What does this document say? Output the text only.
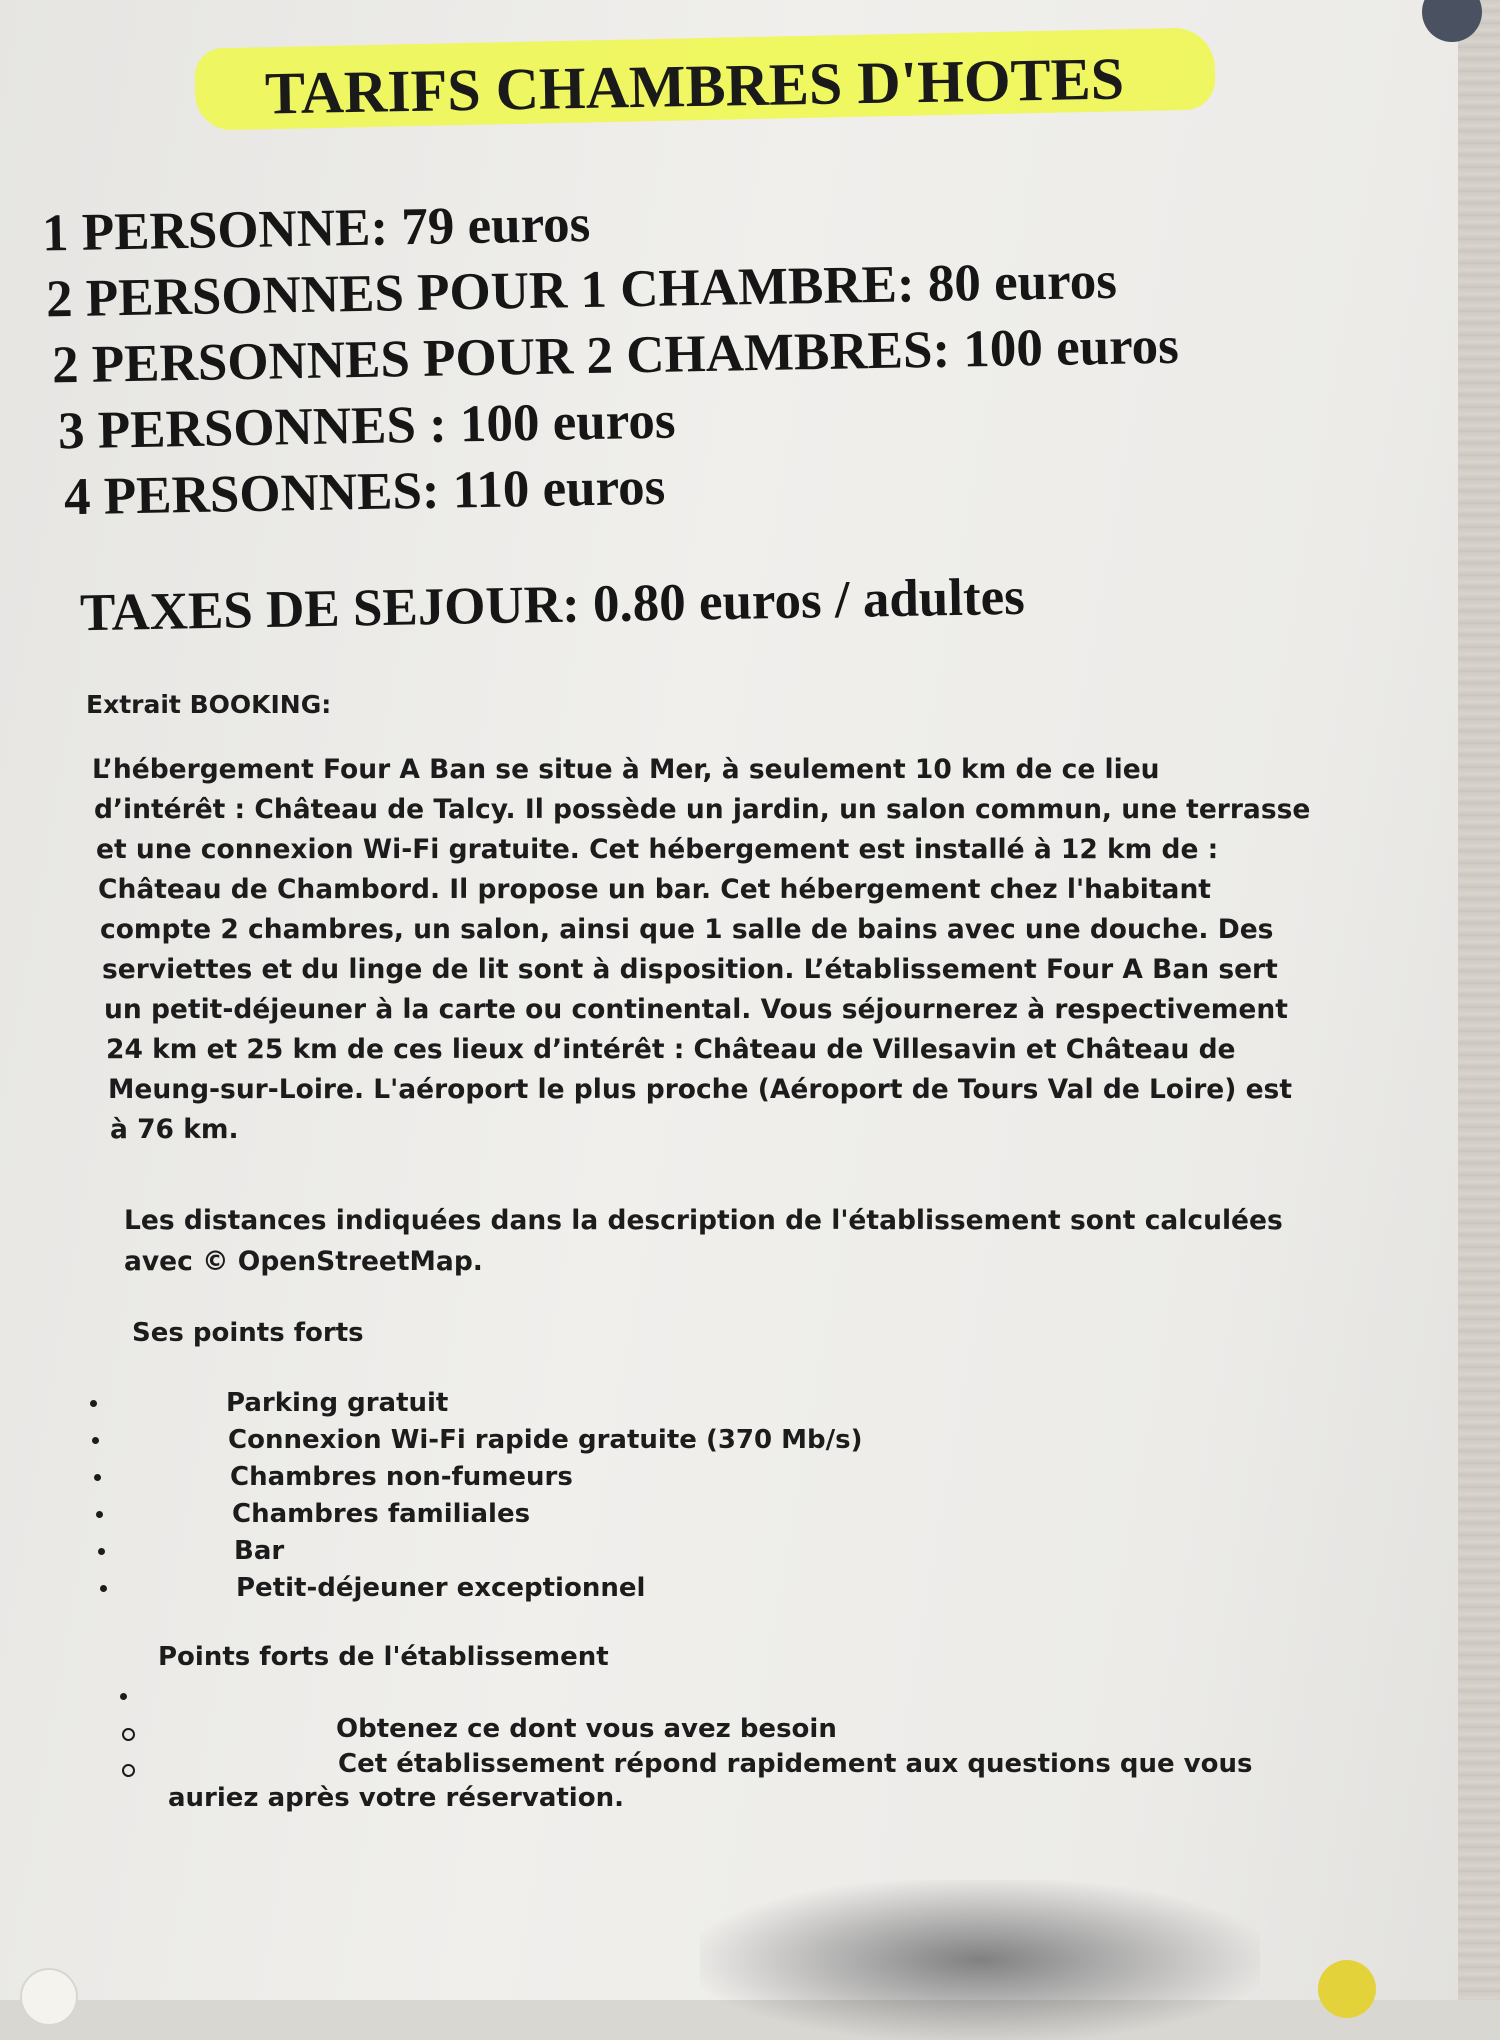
TARIFS CHAMBRES D'HOTES
1 PERSONNE: 79 euros
2 PERSONNES POUR 1 CHAMBRE: 80 euros
2 PERSONNES POUR 2 CHAMBRES: 100 euros
3 PERSONNES : 100 euros
4 PERSONNES: 110 euros

TAXES DE SEJOUR: 0.80 euros / adultes

Extrait BOOKING:

L’hébergement Four A Ban se situe à Mer, à seulement 10 km de ce lieu
d’intérêt : Château de Talcy. Il possède un jardin, un salon commun, une terrasse
et une connexion Wi-Fi gratuite. Cet hébergement est installé à 12 km de :
Château de Chambord. Il propose un bar. Cet hébergement chez l'habitant
compte 2 chambres, un salon, ainsi que 1 salle de bains avec une douche. Des
serviettes et du linge de lit sont à disposition. L’établissement Four A Ban sert
un petit-déjeuner à la carte ou continental. Vous séjournerez à respectivement
24 km et 25 km de ces lieux d’intérêt : Château de Villesavin et Château de
Meung-sur-Loire. L'aéroport le plus proche (Aéroport de Tours Val de Loire) est
à 76 km.

Les distances indiquées dans la description de l'établissement sont calculées
avec © OpenStreetMap.

Ses points forts

Parking gratuit
Connexion Wi-Fi rapide gratuite (370 Mb/s)
Chambres non-fumeurs
Chambres familiales
Bar
Petit-déjeuner exceptionnel

Points forts de l'établissement

Obtenez ce dont vous avez besoin

Cet établissement répond rapidement aux questions que vous

auriez après votre réservation.
